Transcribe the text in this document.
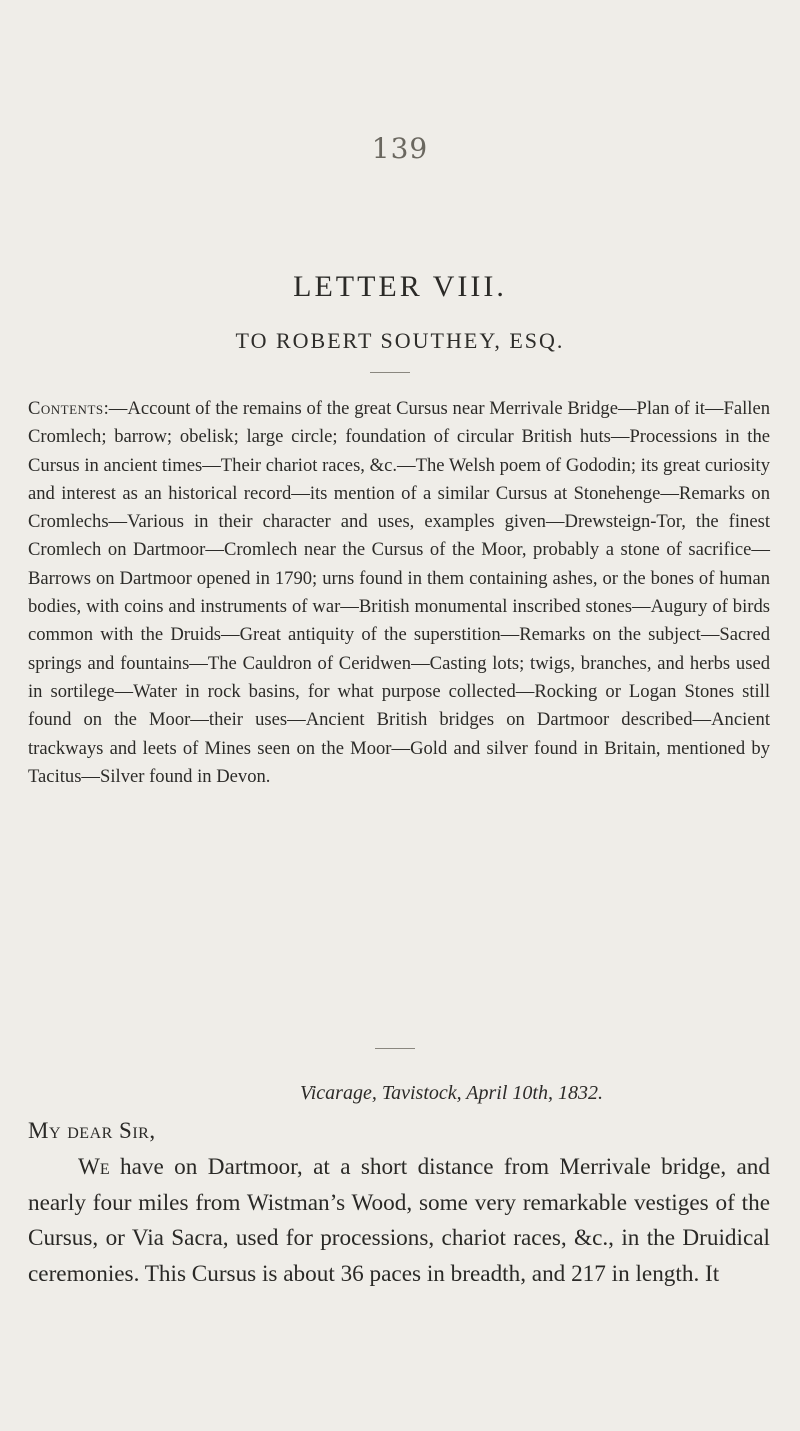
139
LETTER VIII.
TO ROBERT SOUTHEY, ESQ.
Contents:—Account of the remains of the great Cursus near Merrivale Bridge—Plan of it—Fallen Cromlech; barrow; obelisk; large circle; foundation of circular British huts—Processions in the Cursus in ancient times—Their chariot races, &c.—The Welsh poem of Gododin; its great curiosity and interest as an historical record—its mention of a similar Cursus at Stonehenge—Remarks on Cromlechs—Various in their character and uses, examples given—Drewsteign-Tor, the finest Cromlech on Dartmoor—Cromlech near the Cursus of the Moor, probably a stone of sacrifice—Barrows on Dartmoor opened in 1790; urns found in them containing ashes, or the bones of human bodies, with coins and instruments of war—British monumental inscribed stones—Augury of birds common with the Druids—Great antiquity of the superstition—Remarks on the subject—Sacred springs and fountains—The Cauldron of Ceridwen—Casting lots; twigs, branches, and herbs used in sortilege—Water in rock basins, for what purpose collected—Rocking or Logan Stones still found on the Moor—their uses—Ancient British bridges on Dartmoor described—Ancient trackways and leets of Mines seen on the Moor—Gold and silver found in Britain, mentioned by Tacitus—Silver found in Devon.
Vicarage, Tavistock, April 10th, 1832.
My dear Sir,
We have on Dartmoor, at a short distance from Merrivale bridge, and nearly four miles from Wistman’s Wood, some very remarkable vestiges of the Cursus, or Via Sacra, used for processions, chariot races, &c., in the Druidical ceremonies. This Cursus is about 36 paces in breadth, and 217 in length. It
